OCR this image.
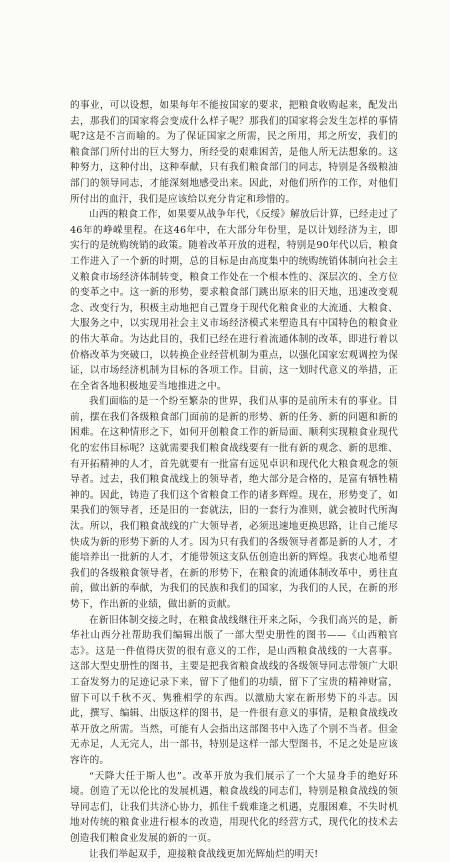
的事业，可以设想，如果每年不能按国家的要求，把粮食收购起来，配发出去，那我们的国家将会变成什么样子呢？那我们的国家将会发生怎样的事情呢?这是不言而喻的。为了保证国家之所需，民之所用，邦之所安，我们的粮食部门所付出的巨大努力，所经受的艰难困苦，是他人所无法想象的。这种努力，这种付出，这种奉献，只有我们粮食部门的同志，特别是各级粮油部门的领导同志，才能深刻地感受出来。因此，对他们所作的工作，对他们所付出的血汗，我们是应该给以充分肯定和珍惜的。

山西的粮食工作，如果要从战争年代，《反绥》解放后计算，已经走过了46年的峥嵘里程。在这46年中，在大部分年份里，是以计划经济为主，即实行的是统购统销的政策。随着改革开放的进程，特别是90年代以后，粮食工作进入了一个新的时期，总的目标是由高度集中的统购统销体制向社会主义粮食市场经济体制转变，粮食工作处在一个根本性的、深层次的、全方位的变革之中。这一新的形势，要求粮食部门跳出原来的旧天地，迅速改变观念、改变行为，积极主动地把自己置身于现代化粮食业的大流通、大粮食、大服务之中，以实现用社会主义市场经济模式来塑造具有中国特色的粮食业的伟大革命。为达此目的，我们已经在进行着流通体制的改革，即进行着以价格改革为突破口，以转换企业经营机制为重点，以强化国家宏观调控为保证，以市场经济机制为目标的各项工作。目前，这一划时代意义的举措，正在全省各地积极地妥当地推进之中。

我们面临的是一个纷至繁杂的世界，我们从事的是前所未有的事业。目前，摆在我们各级粮食部门面前的是新的形势、新的任务、新的问题和新的困难。在这种情形之下，如何开创粮食工作的新局面、顺利实现粮食业现代化的宏伟目标呢？这就需要我们粮食战线要有一批有新的观念、新的思维、有开拓精神的人才，首先就要有一批富有远见卓识和现代化大粮食观念的领导者。过去，我们粮食战线上的领导者，绝大部分是合格的，是富有牺牲精神的。因此，铸造了我们这个省粮食工作的诸多辉煌。现在，形势变了，如果我们的领导者，还是旧的一套就法，旧的一套行为准则，就会被时代所淘汰。所以，我们粮食战线的广大领导者，必须迅速地更换思路，让自己能尽快成为新的形势下新的人才。因为只有我们的各级领导者都是新的人才，才能培养出一批新的人才，才能带领这支队伍创造出新的辉煌。我衷心地希望我们的各级粮食领导者，在新的形势下，在粮食的流通体制改革中，勇往直前，做出新的奉献，为我们的民族和我们的国家，为我们的人民，在新的形势下，作出新的业绩，做出新的贡献。

在新旧体制交接之时，在粮食战线继往开来之际，今我们高兴的是，新华社山西分社帮助我们编辑出版了一部大型史册性的图书——《山西粮官志》。这是一件值得庆贺的很有意义的工作，是山西粮食战线的一大喜事。这部大型史册性的图书，主要是把我省粮食战线的各级领导同志带领广大职工奋发努力的足迹记录下来，留下了他们的功绩，留下了宝贵的精神财富，留下可以千秋不灭、隽雅相学的东西。以激励大家在新形势下的斗志。因此，撰写、编辑、出版这样的图书，是一件很有意义的事情，是粮食战线改革开放之所需。当然，可能有人会指出这部图书中入选了个别不当者。但金无赤足，人无完人，出一部书，特别是这样一部大型图书，不足之处是应该容许的。

“天降大任于斯人也”。改革开放为我们展示了一个大显身手的绝好环境。创造了无以伦比的发展机遇，粮食战线的同志们，特别是粮食战线的领导同志们，让我们共济心协力，抓住千载难逢之机遇，克服困难，不失时机地对传统的粮食业进行根本的改造，用现代化的经营方式，现代化的技术去创造我们粮食业发展的新的一页。

让我们举起双手，迎接粮食战线更加光辉灿烂的明天!
